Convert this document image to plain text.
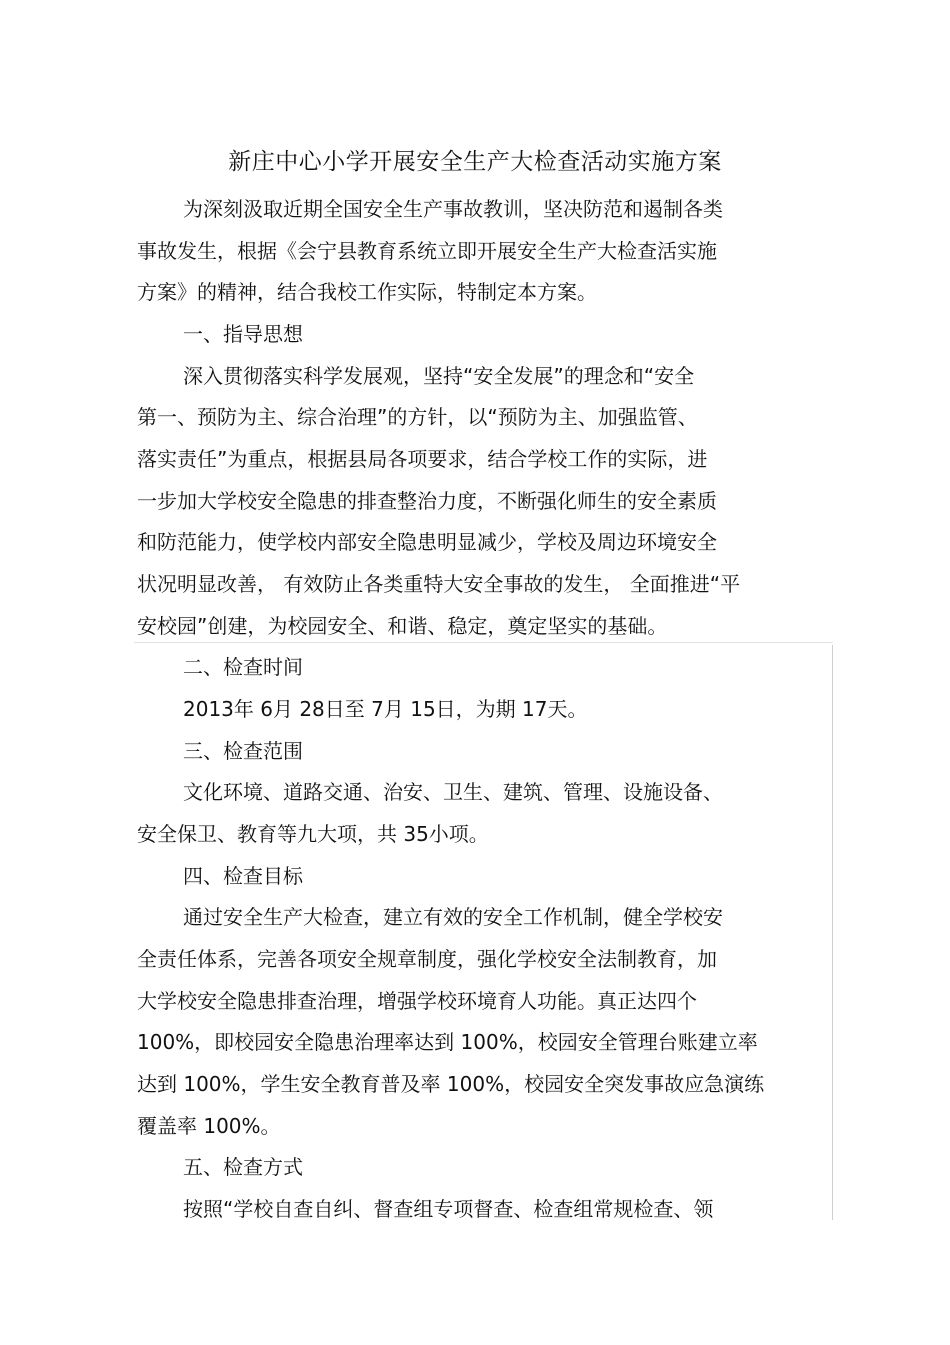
新庄中心小学开展安全生产大检查活动实施方案
为深刻汲取近期全国安全生产事故教训，坚决防范和遏制各类
事故发生，根据《会宁县教育系统立即开展安全生产大检查活实施
方案》的精神，结合我校工作实际，特制定本方案。
一、指导思想
深入贯彻落实科学发展观，坚持“安全发展”的理念和“安全
第一、预防为主、综合治理”的方针，以“预防为主、加强监管、
落实责任”为重点，根据县局各项要求，结合学校工作的实际，进
一步加大学校安全隐患的排查整治力度，不断强化师生的安全素质
和防范能力，使学校内部安全隐患明显减少，学校及周边环境安全
状况明显改善， 有效防止各类重特大安全事故的发生， 全面推进“平
安校园”创建，为校园安全、和谐、稳定，奠定坚实的基础。
二、检查时间
2013年 6月 28日至 7月 15日，为期 17天。
三、检查范围
文化环境、道路交通、治安、卫生、建筑、管理、设施设备、
安全保卫、教育等九大项，共 35小项。
四、检查目标
通过安全生产大检查，建立有效的安全工作机制，健全学校安
全责任体系，完善各项安全规章制度，强化学校安全法制教育，加
大学校安全隐患排查治理，增强学校环境育人功能。真正达四个
100%，即校园安全隐患治理率达到 100%，校园安全管理台账建立率
达到 100%，学生安全教育普及率 100%，校园安全突发事故应急演练
覆盖率 100%。
五、检查方式
按照“学校自查自纠、督查组专项督查、检查组常规检查、领
